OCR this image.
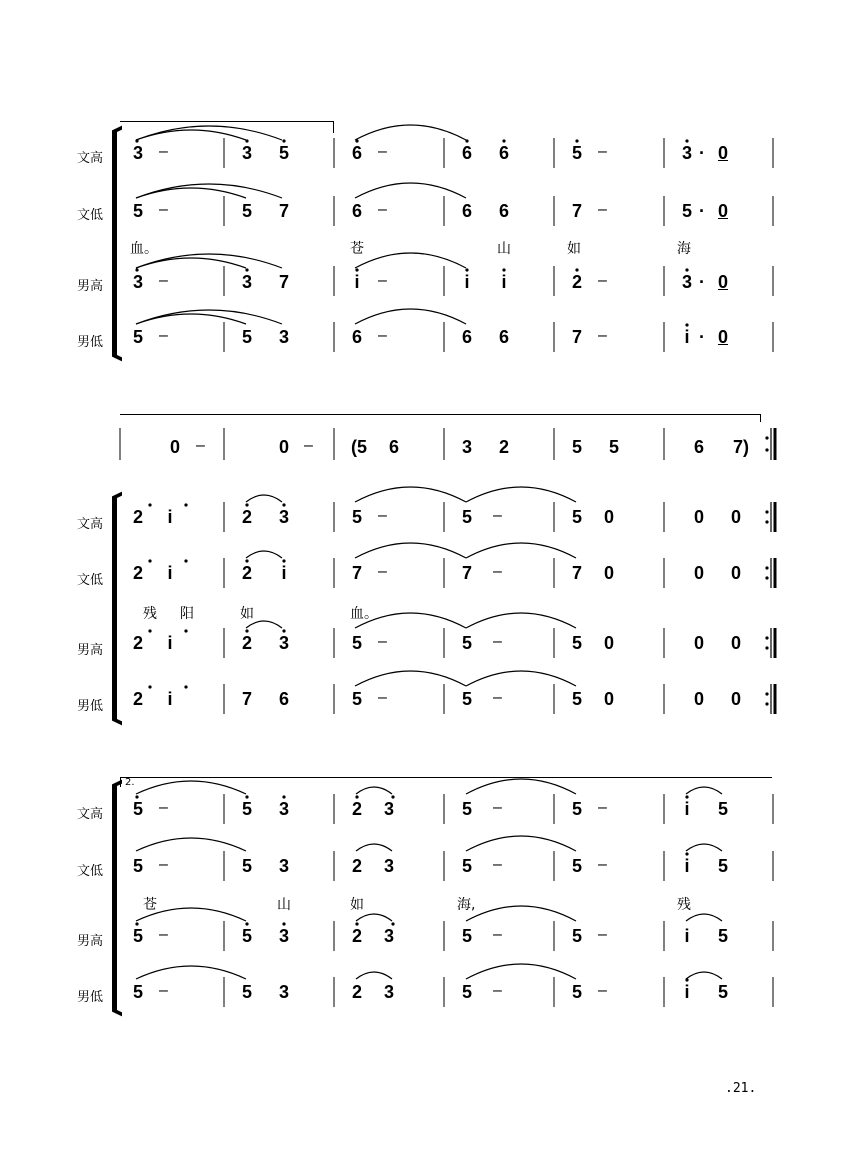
文高
文低
男高
男低
3	–	3	5	6	–	6	6	5	–	3 · 0
5	–	5	7	6	–	6	6	7	–	5 · 0
血。	苍	山	如	海
3	–	3	7	i	–	i	i	2	–	3 · 0
5	–	5	3	6	–	6	6	7	–	i · 0
0	–	0 –	(5	6	3	2	5	5	6	7)
文高
文低
男高
男低
残 阳	如	血。
2	i	2	3	5	–	5	–	5	0	0	0
2	i	2	i	7	–	7	–	7	0	0	0
2	i	2	3	5	–	5	–	5	0	0	0
2	i	7	6	5	–	5	–	5	0	0	0
2.
文高
文低
男高
男低
苍	山	如	海,	残
5	–	5	3	2	3	5	–	5	–	i	5
5	–	5	3	2	3	5	–	5	–	i	5
5	–	5	3	2	3	5	–	5	–	i	5
5	–	5	3	2	3	5	–	5	–	i	5
.21.
